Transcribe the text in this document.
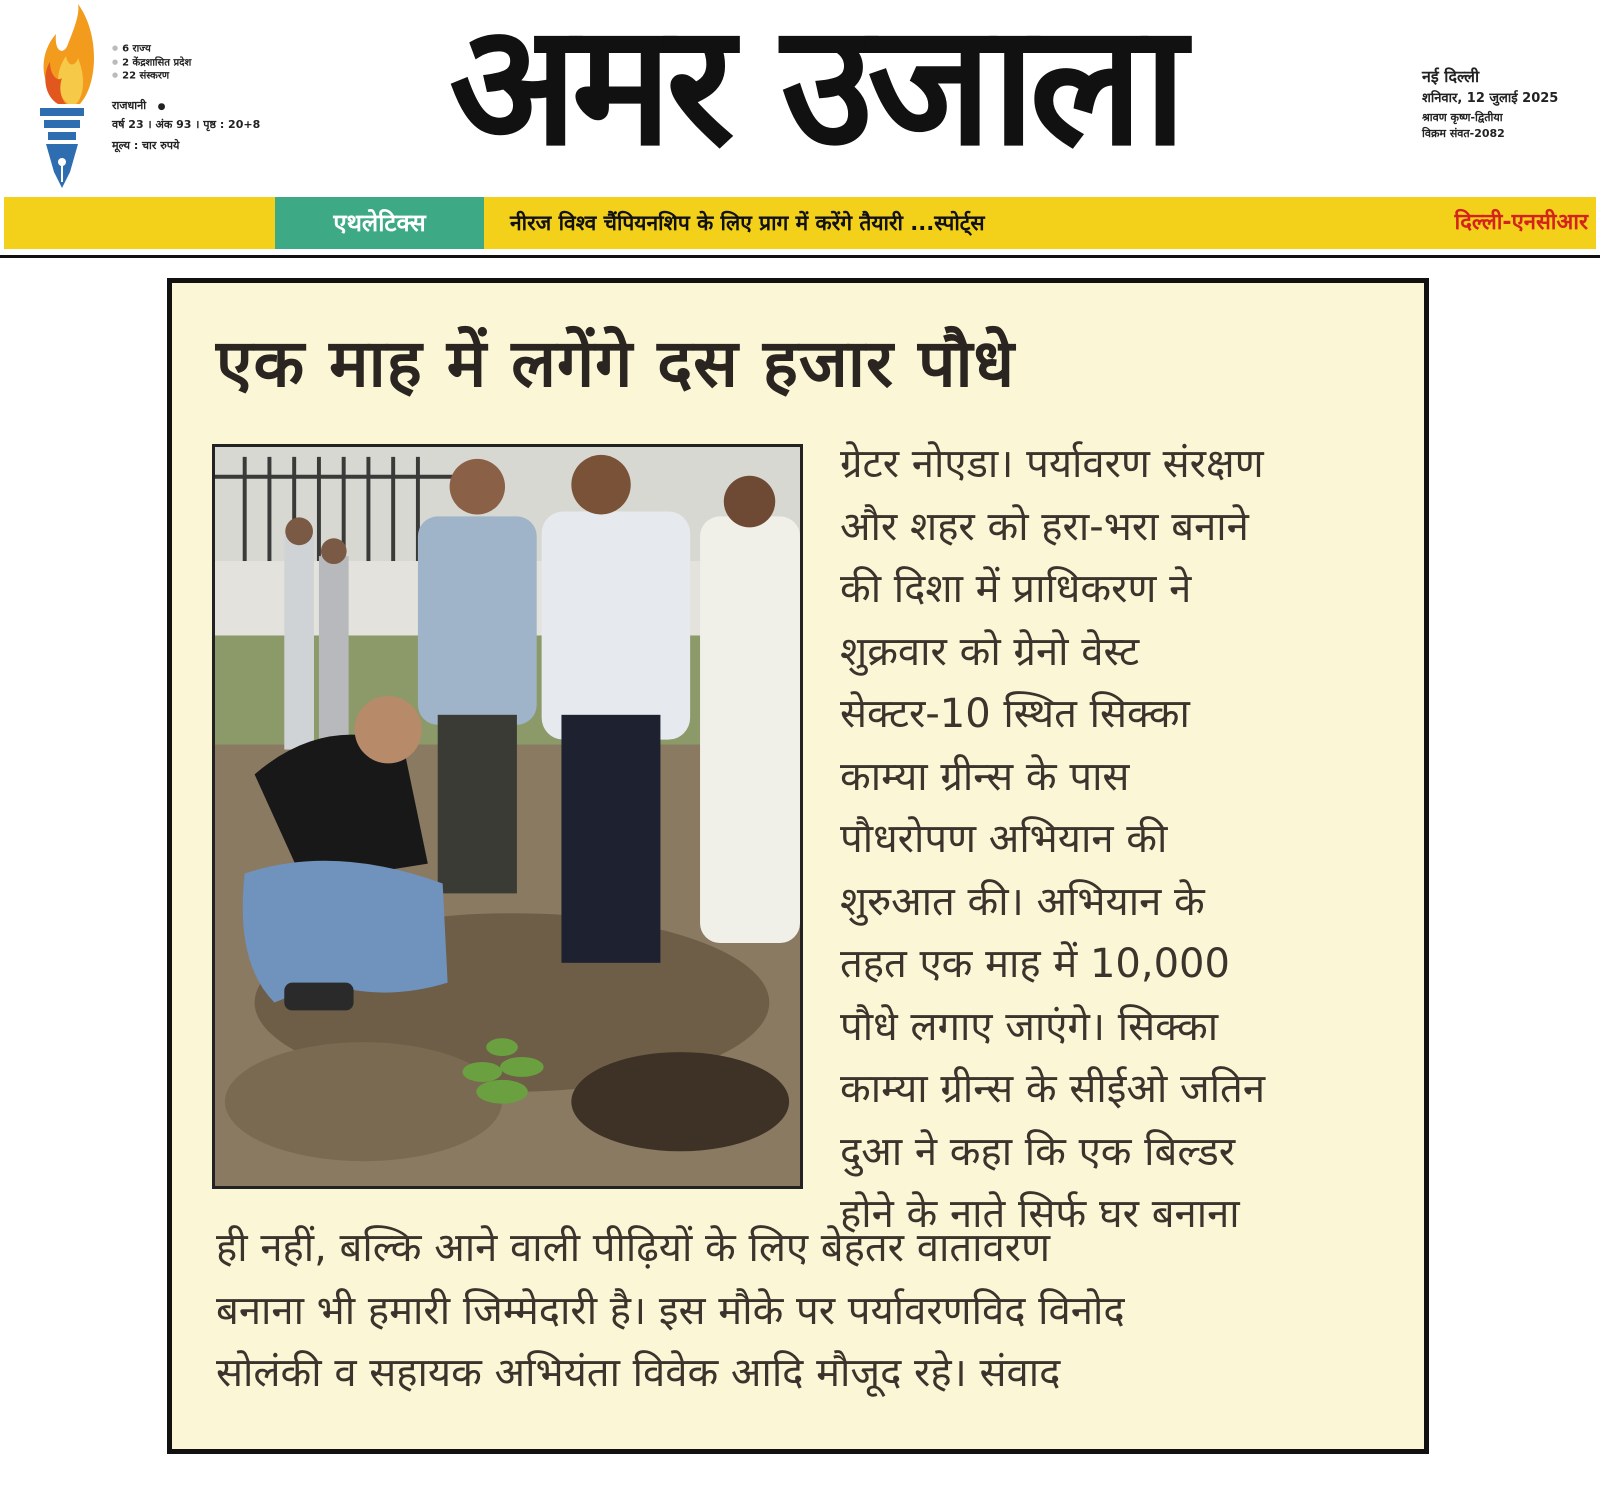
● 6 राज्य
● 2 केंद्रशासित प्रदेश
● 22 संस्करण
राजधानी ●
वर्ष 23 । अंक 93 । पृष्ठ : 20+8
मूल्य : चार रुपये	अमर उजाला	नई दिल्ली
शनिवार, 12 जुलाई 2025
श्रावण कृष्ण-द्वितीया
विक्रम संवत-2082
एथलेटिक्स	नीरज विश्व चैंपियनशिप के लिए प्राग में करेंगे तैयारी ...स्पोर्ट्स	दिल्ली-एनसीआर
एक माह में लगेंगे दस हजार पौधे
ग्रेटर नोएडा। पर्यावरण संरक्षण
और शहर को हरा-भरा बनाने
की दिशा में प्राधिकरण ने
शुक्रवार को ग्रेनो वेस्ट
सेक्टर-10 स्थित सिक्का
काम्या ग्रीन्स के पास
पौधरोपण अभियान की
शुरुआत की। अभियान के
तहत एक माह में 10,000
पौधे लगाए जाएंगे। सिक्का
काम्या ग्रीन्स के सीईओ जतिन
दुआ ने कहा कि एक बिल्डर
होने के नाते सिर्फ घर बनाना
ही नहीं, बल्कि आने वाली पीढ़ियों के लिए बेहतर वातावरण
बनाना भी हमारी जिम्मेदारी है। इस मौके पर पर्यावरणविद विनोद
सोलंकी व सहायक अभियंता विवेक आदि मौजूद रहे। संवाद
